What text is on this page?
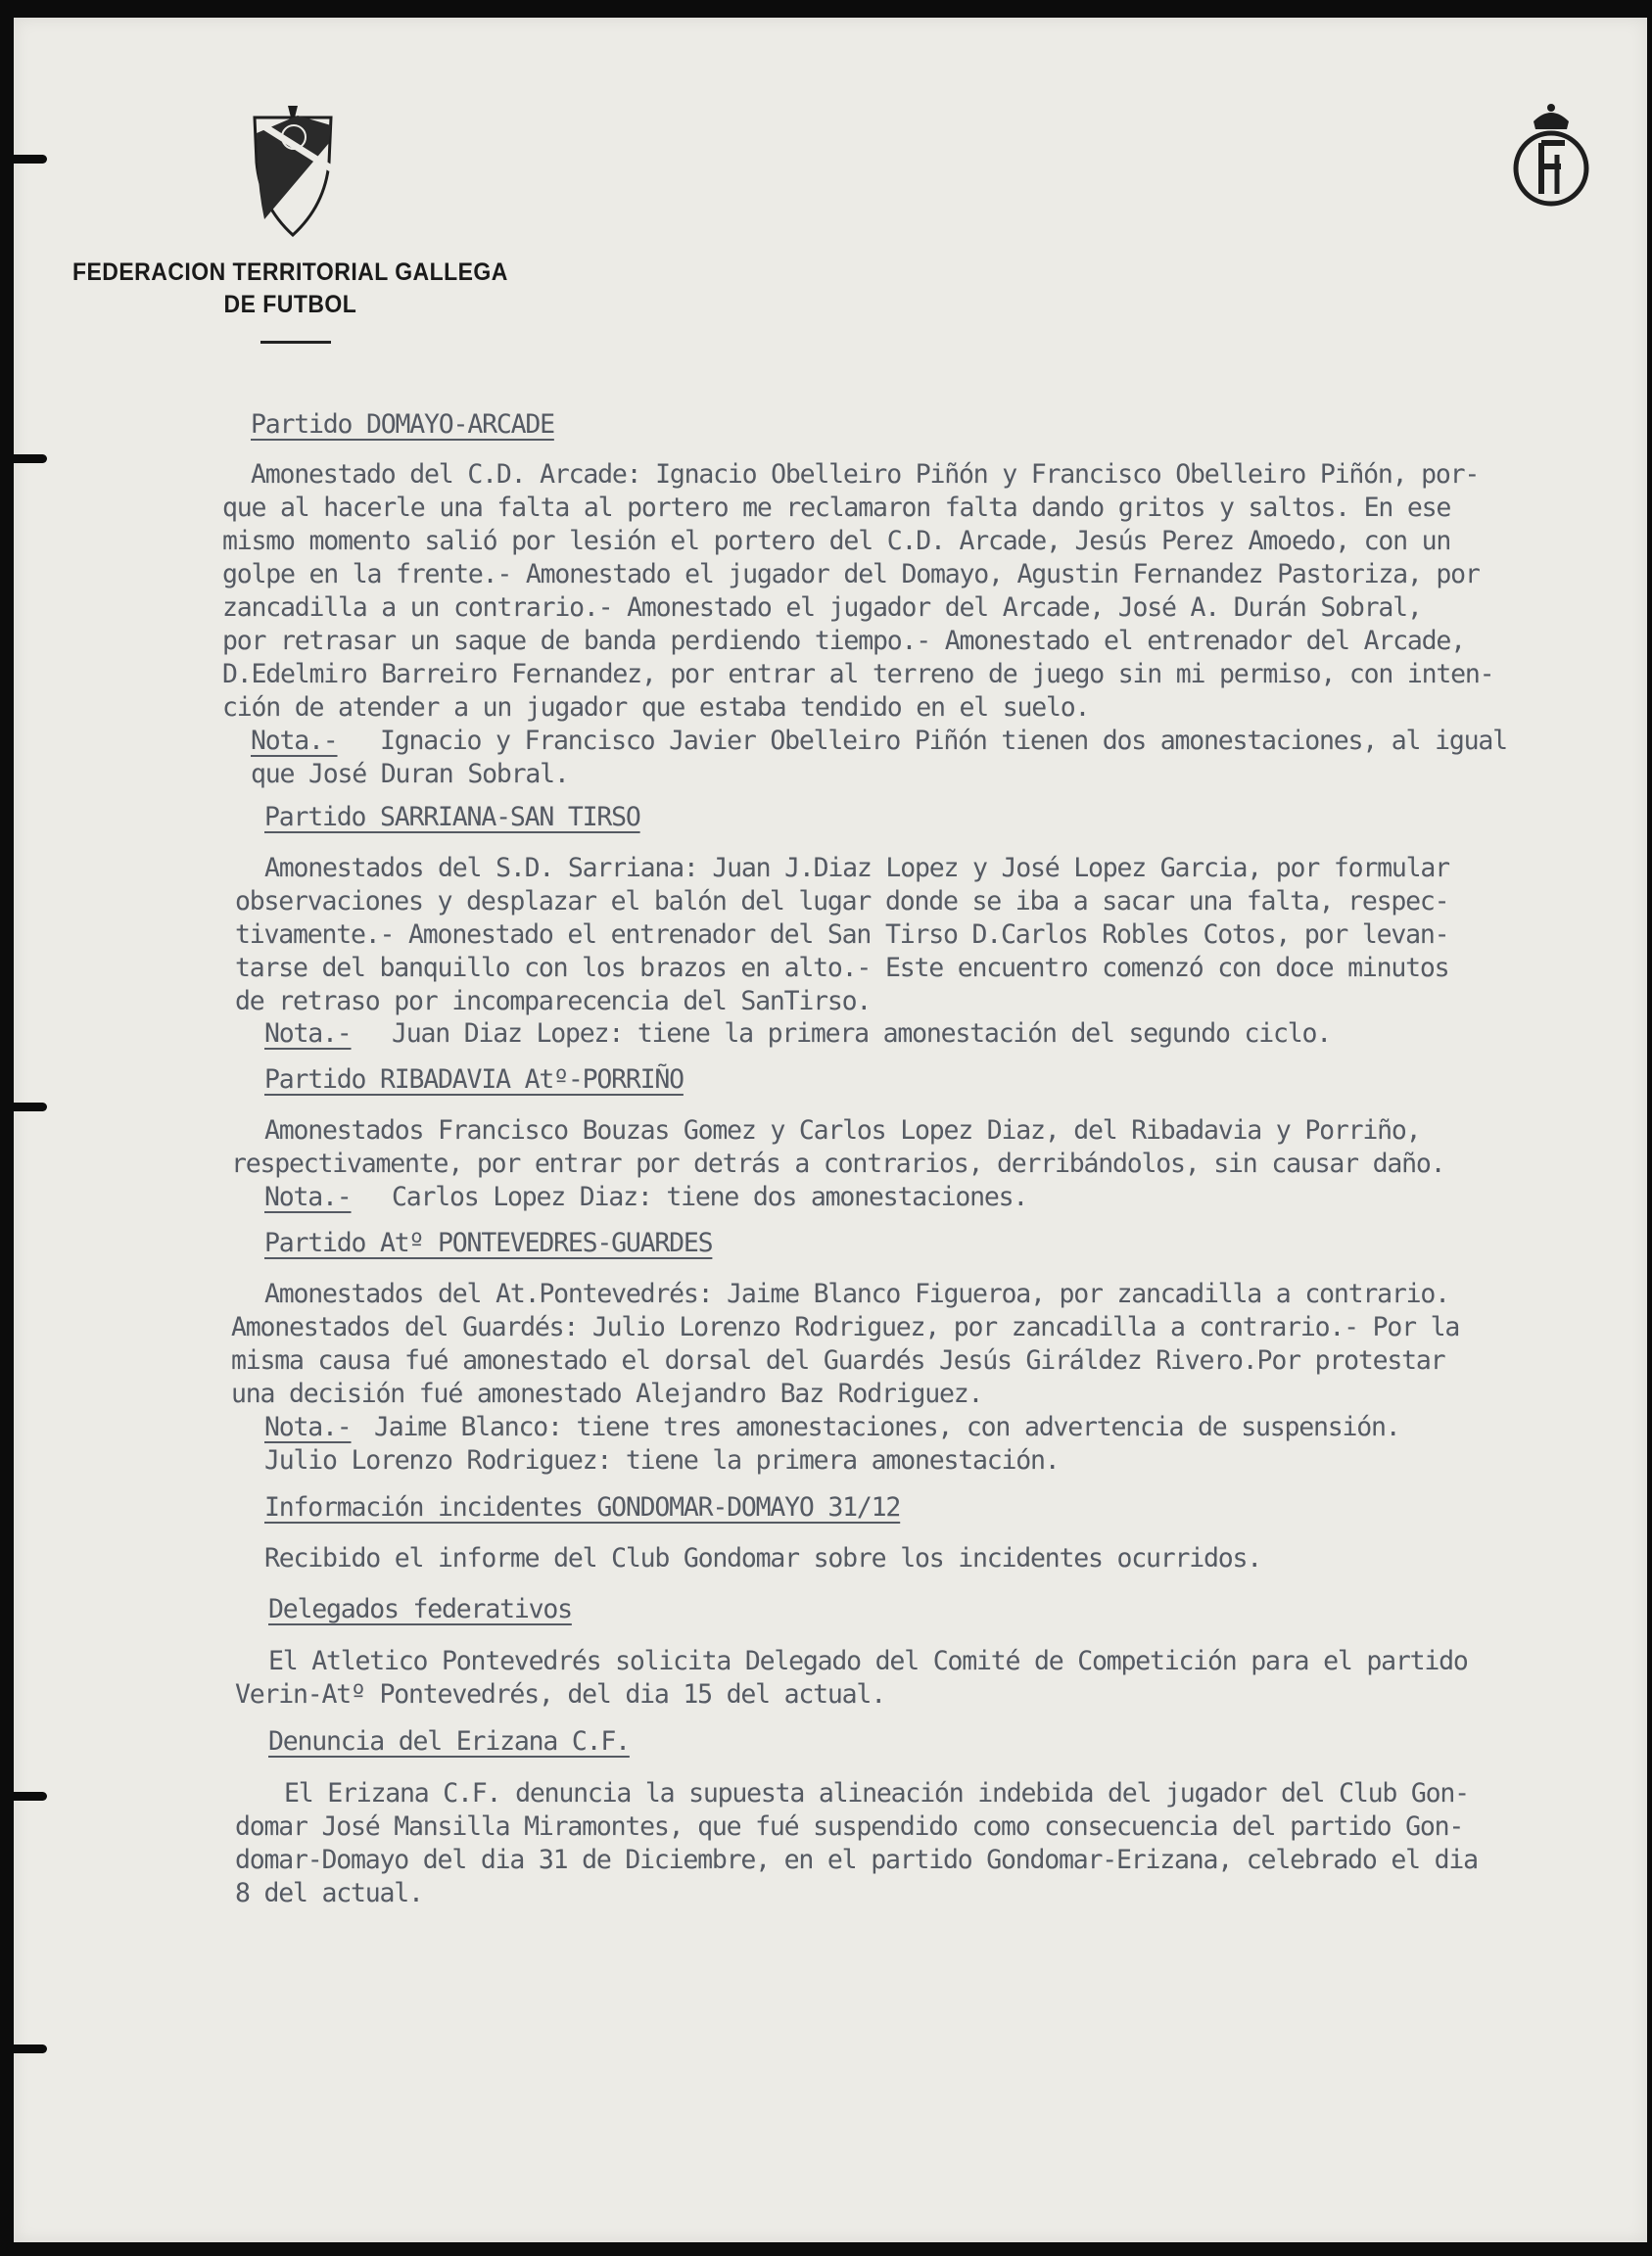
FEDERACION TERRITORIAL GALLEGA
DE FUTBOL
Partido DOMAYO-ARCADE
Amonestado del C.D. Arcade: Ignacio Obelleiro Piñón y Francisco Obelleiro Piñón, por-
que al hacerle una falta al portero me reclamaron falta dando gritos y saltos. En ese
mismo momento salió por lesión el portero del C.D. Arcade, Jesús Perez Amoedo, con un
golpe en la frente.- Amonestado el jugador del Domayo, Agustin Fernandez Pastoriza, por
zancadilla a un contrario.- Amonestado el jugador del Arcade, José A. Durán Sobral,
por retrasar un saque de banda perdiendo tiempo.- Amonestado el entrenador del Arcade,
D.Edelmiro Barreiro Fernandez, por entrar al terreno de juego sin mi permiso, con inten-
ción de atender a un jugador que estaba tendido en el suelo.
Nota.- Ignacio y Francisco Javier Obelleiro Piñón tienen dos amonestaciones, al igual
que José Duran Sobral.
Partido SARRIANA-SAN TIRSO
Amonestados del S.D. Sarriana: Juan J.Diaz Lopez y José Lopez Garcia, por formular
observaciones y desplazar el balón del lugar donde se iba a sacar una falta, respec-
tivamente.- Amonestado el entrenador del San Tirso D.Carlos Robles Cotos, por levan-
tarse del banquillo con los brazos en alto.- Este encuentro comenzó con doce minutos
de retraso por incomparecencia del SanTirso.
Nota.- Juan Diaz Lopez: tiene la primera amonestación del segundo ciclo.
Partido RIBADAVIA Atº-PORRIÑO
Amonestados Francisco Bouzas Gomez y Carlos Lopez Diaz, del Ribadavia y Porriño,
respectivamente, por entrar por detrás a contrarios, derribándolos, sin causar daño.
Nota.- Carlos Lopez Diaz: tiene dos amonestaciones.
Partido Atº PONTEVEDRES-GUARDES
Amonestados del At.Pontevedrés: Jaime Blanco Figueroa, por zancadilla a contrario.
Amonestados del Guardés: Julio Lorenzo Rodriguez, por zancadilla a contrario.- Por la
misma causa fué amonestado el dorsal del Guardés Jesús Giráldez Rivero.Por protestar
una decisión fué amonestado Alejandro Baz Rodriguez.
Nota.- Jaime Blanco: tiene tres amonestaciones, con advertencia de suspensión.
Julio Lorenzo Rodriguez: tiene la primera amonestación.
Información incidentes GONDOMAR-DOMAYO 31/12
Recibido el informe del Club Gondomar sobre los incidentes ocurridos.
Delegados federativos
El Atletico Pontevedrés solicita Delegado del Comité de Competición para el partido
Verin-Atº Pontevedrés, del dia 15 del actual.
Denuncia del Erizana C.F.
El Erizana C.F. denuncia la supuesta alineación indebida del jugador del Club Gon-
domar José Mansilla Miramontes, que fué suspendido como consecuencia del partido Gon-
domar-Domayo del dia 31 de Diciembre, en el partido Gondomar-Erizana, celebrado el dia
8 del actual.
